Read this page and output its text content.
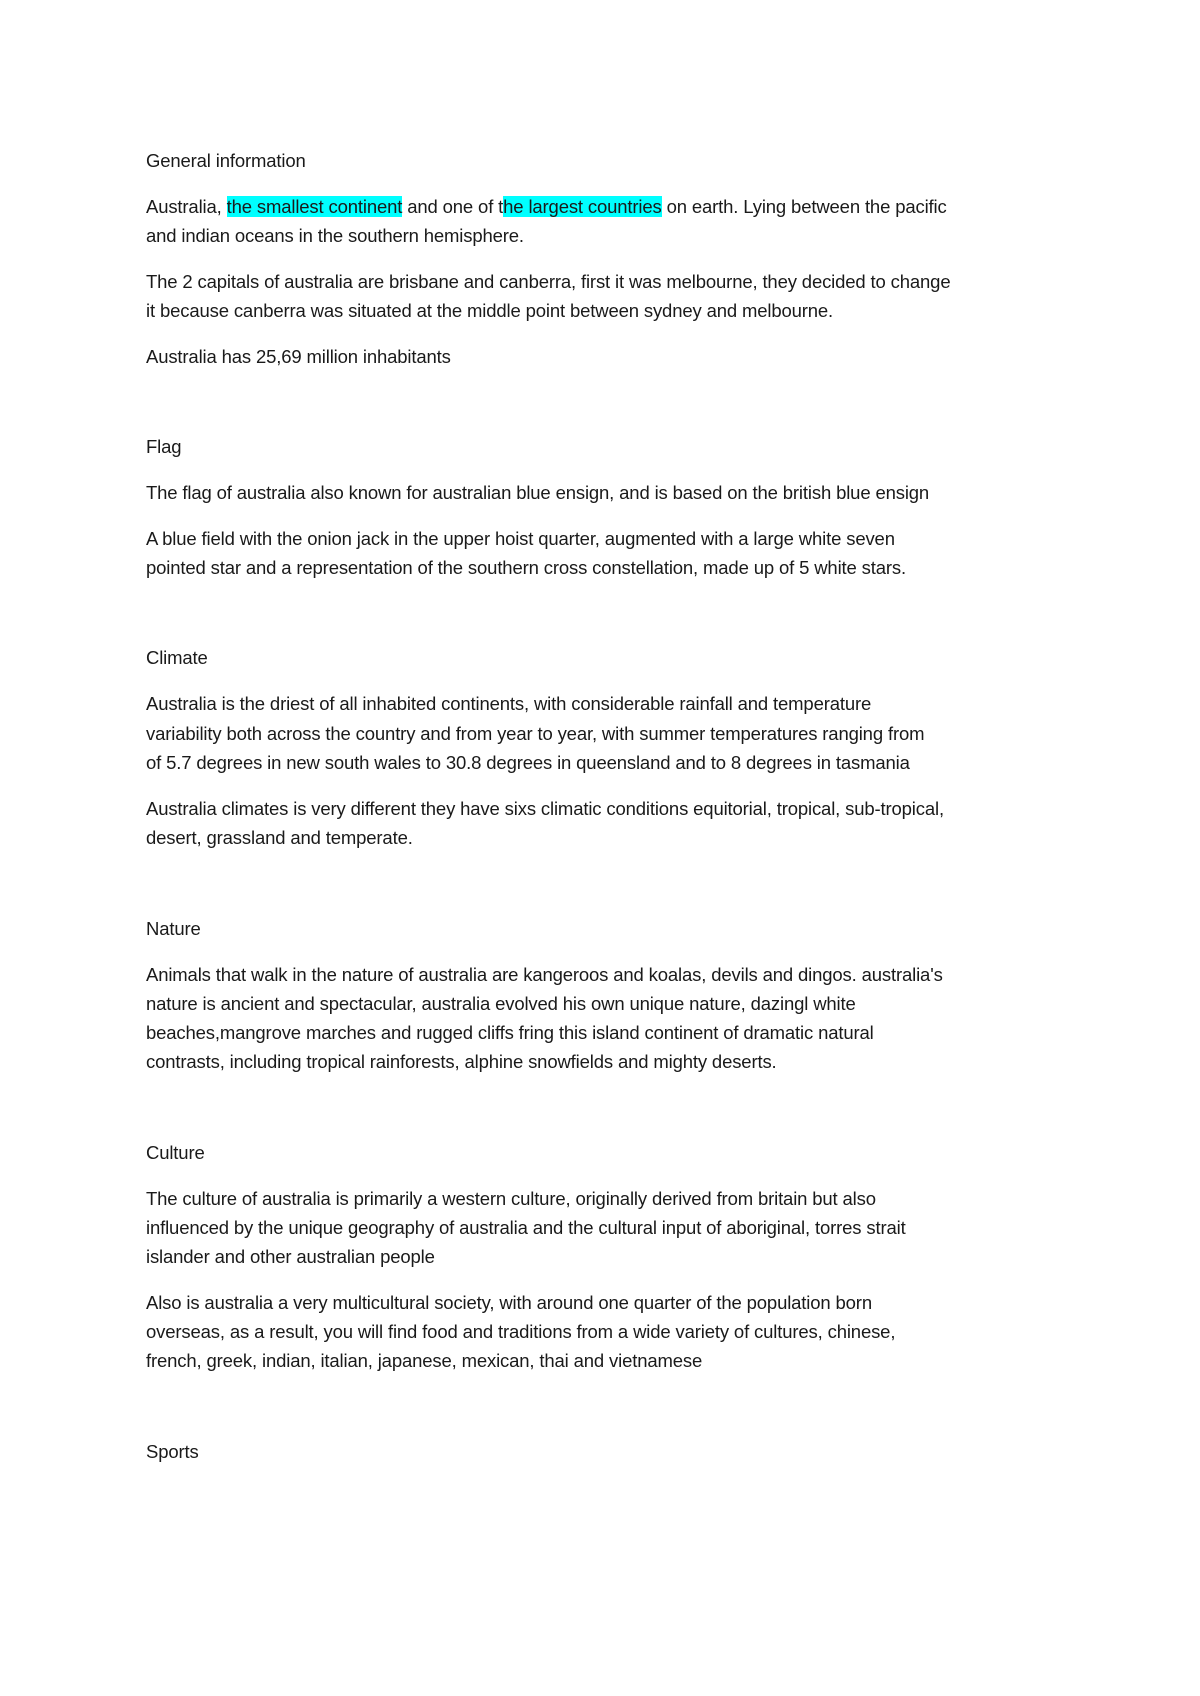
General information
Australia, the smallest continent and one of the largest countries on earth. Lying between the pacific
and indian oceans in the southern hemisphere.
The 2 capitals of australia are brisbane and canberra, first it was melbourne, they decided to change
it because canberra was situated at the middle point between sydney and melbourne.
Australia has 25,69 million inhabitants
Flag
The flag of australia also known for australian blue ensign, and is based on the british blue ensign
A blue field with the onion jack in the upper hoist quarter, augmented with a large white seven
pointed star and a representation of the southern cross constellation, made up of 5 white stars.
Climate
Australia is the driest of all inhabited continents, with considerable rainfall and temperature
variability both across the country and from year to year, with summer temperatures ranging from
of 5.7 degrees in new south wales to 30.8 degrees in queensland and to 8 degrees in tasmania
Australia climates is very different they have sixs climatic conditions equitorial, tropical, sub-tropical,
desert, grassland and temperate.
Nature
Animals that walk in the nature of australia are kangeroos and koalas, devils and dingos. australia's
nature is ancient and spectacular, australia evolved his own unique nature, dazingl white
beaches,mangrove marches and rugged cliffs fring this island continent of dramatic natural
contrasts, including tropical rainforests, alphine snowfields and mighty deserts.
Culture
The culture of australia is primarily a western culture, originally derived from britain but also
influenced by the unique geography of australia and the cultural input of aboriginal, torres strait
islander and other australian people
Also is australia a very multicultural society, with around one quarter of the population born
overseas, as a result, you will find food and traditions from a wide variety of cultures, chinese,
french, greek, indian, italian, japanese, mexican, thai and vietnamese
Sports
